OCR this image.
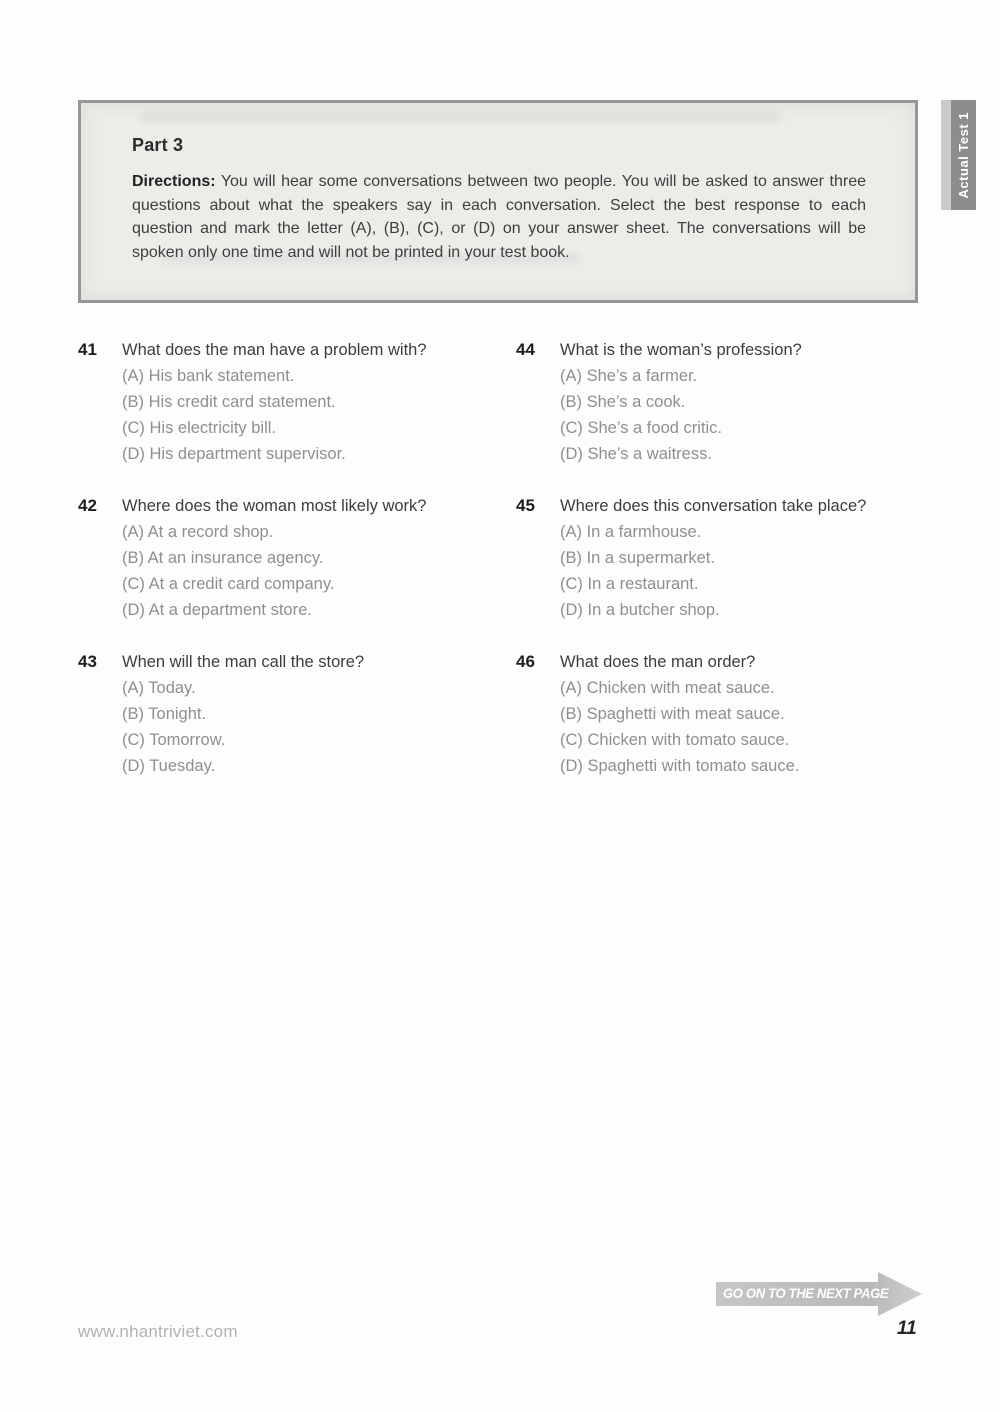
Part 3

Directions: You will hear some conversations between two people. You will be asked to answer three questions about what the speakers say in each conversation. Select the best response to each question and mark the letter (A), (B), (C), or (D) on your answer sheet. The conversations will be spoken only one time and will not be printed in your test book.

Actual Test 1
41	What does the man have a problem with?
(A) His bank statement.
(B) His credit card statement.
(C) His electricity bill.
(D) His department supervisor.
42	Where does the woman most likely work?
(A) At a record shop.
(B) At an insurance agency.
(C) At a credit card company.
(D) At a department store.
43	When will the man call the store?
(A) Today.
(B) Tonight.
(C) Tomorrow.
(D) Tuesday.
44	What is the woman’s profession?
(A) She’s a farmer.
(B) She’s a cook.
(C) She’s a food critic.
(D) She’s a waitress.
45	Where does this conversation take place?
(A) In a farmhouse.
(B) In a supermarket.
(C) In a restaurant.
(D) In a butcher shop.
46	What does the man order?
(A) Chicken with meat sauce.
(B) Spaghetti with meat sauce.
(C) Chicken with tomato sauce.
(D) Spaghetti with tomato sauce.
GO ON TO THE NEXT PAGE
www.nhantriviet.com	11
